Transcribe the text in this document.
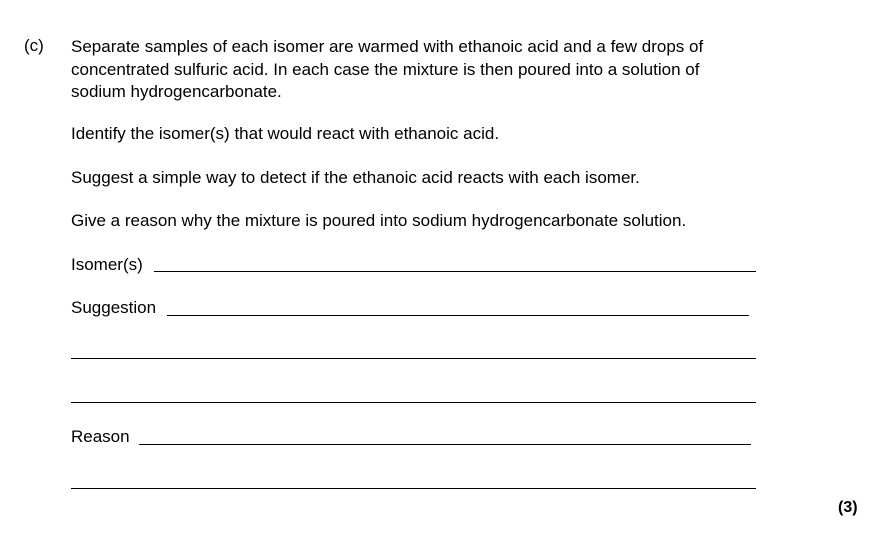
(c) Separate samples of each isomer are warmed with ethanoic acid and a few drops of
concentrated sulfuric acid. In each case the mixture is then poured into a solution of
sodium hydrogencarbonate.
Identify the isomer(s) that would react with ethanoic acid.
Suggest a simple way to detect if the ethanoic acid reacts with each isomer.
Give a reason why the mixture is poured into sodium hydrogencarbonate solution.
Isomer(s)
Suggestion
Reason
(3)
